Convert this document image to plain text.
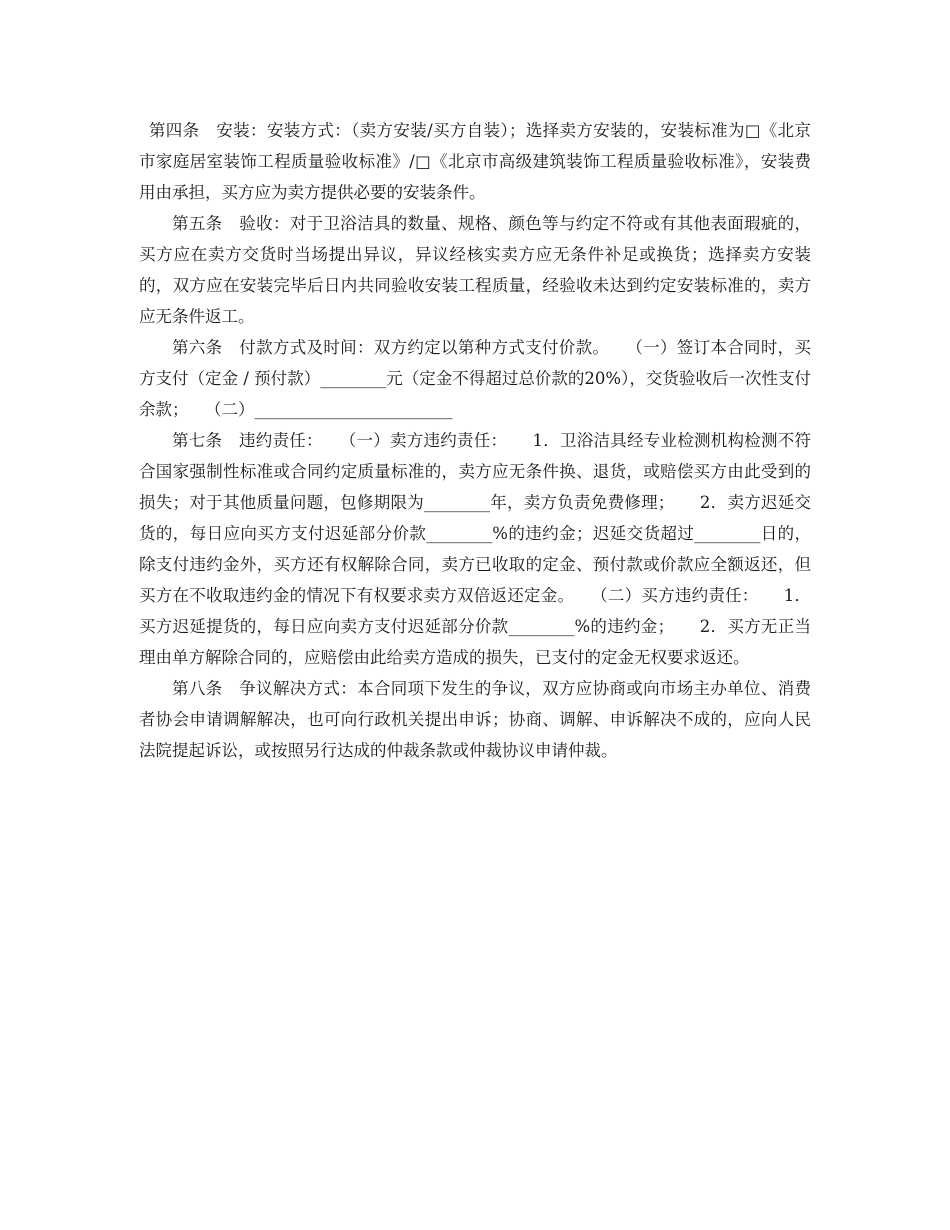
第四条　安装：安装方式：（卖方安装/买方自装）；选择卖方安装的，安装标准为□《北京市家庭居室装饰工程质量验收标准》/□《北京市高级建筑装饰工程质量验收标准》，安装费用由承担，买方应为卖方提供必要的安装条件。

第五条　验收：对于卫浴洁具的数量、规格、颜色等与约定不符或有其他表面瑕疵的，买方应在卖方交货时当场提出异议，异议经核实卖方应无条件补足或换货；选择卖方安装的，双方应在安装完毕后日内共同验收安装工程质量，经验收未达到约定安装标准的，卖方应无条件返工。

第六条　付款方式及时间：双方约定以第种方式支付价款。　　（一）签订本合同时，买方支付（定金 / 预付款）________元（定金不得超过总价款的20%），交货验收后一次性支付余款；　　（二）________________________

第七条　违约责任：　　（一）卖方违约责任：　　1．卫浴洁具经专业检测机构检测不符合国家强制性标准或合同约定质量标准的，卖方应无条件换、退货，或赔偿买方由此受到的损失；对于其他质量问题，包修期限为________年，卖方负责免费修理；　　2．卖方迟延交货的，每日应向买方支付迟延部分价款________%的违约金；迟延交货超过________日的，除支付违约金外，买方还有权解除合同，卖方已收取的定金、预付款或价款应全额返还，但买方在不收取违约金的情况下有权要求卖方双倍返还定金。　　（二）买方违约责任：　　1．买方迟延提货的，每日应向卖方支付迟延部分价款________%的违约金；　　2．买方无正当理由单方解除合同的，应赔偿由此给卖方造成的损失，已支付的定金无权要求返还。

第八条　争议解决方式：本合同项下发生的争议，双方应协商或向市场主办单位、消费者协会申请调解解决，也可向行政机关提出申诉；协商、调解、申诉解决不成的，应向人民法院提起诉讼，或按照另行达成的仲裁条款或仲裁协议申请仲裁。
